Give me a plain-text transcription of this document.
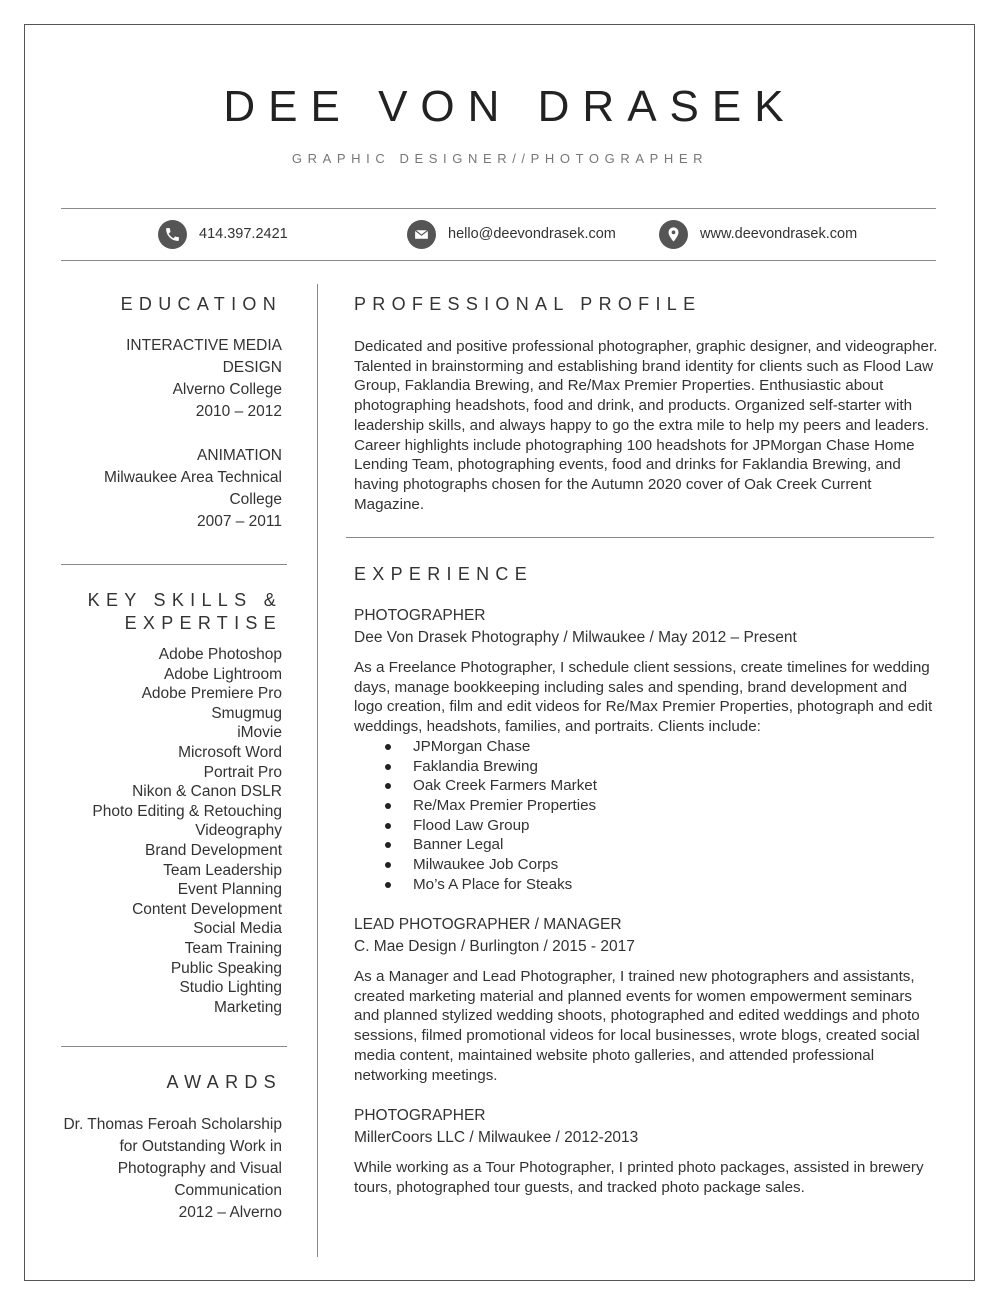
DEE VON DRASEK
GRAPHIC DESIGNER//PHOTOGRAPHER
414.397.2421	hello@deevondrasek.com	www.deevondrasek.com
EDUCATION
INTERACTIVE MEDIA
DESIGN
Alverno College
2010 – 2012
ANIMATION
Milwaukee Area Technical
College
2007 – 2011
KEY SKILLS &
EXPERTISE
Adobe Photoshop
Adobe Lightroom
Adobe Premiere Pro
Smugmug
iMovie
Microsoft Word
Portrait Pro
Nikon & Canon DSLR
Photo Editing & Retouching
Videography
Brand Development
Team Leadership
Event Planning
Content Development
Social Media
Team Training
Public Speaking
Studio Lighting
Marketing
AWARDS
Dr. Thomas Feroah Scholarship
for Outstanding Work in
Photography and Visual
Communication
2012 – Alverno
PROFESSIONAL PROFILE
Dedicated and positive professional photographer, graphic designer, and videographer. Talented in brainstorming and establishing brand identity for clients such as Flood Law Group, Faklandia Brewing, and Re/Max Premier Properties. Enthusiastic about photographing headshots, food and drink, and products. Organized self-starter with leadership skills, and always happy to go the extra mile to help my peers and leaders. Career highlights include photographing 100 headshots for JPMorgan Chase Home Lending Team, photographing events, food and drinks for Faklandia Brewing, and having photographs chosen for the Autumn 2020 cover of Oak Creek Current Magazine.
EXPERIENCE
PHOTOGRAPHER
Dee Von Drasek Photography / Milwaukee / May 2012 – Present
As a Freelance Photographer, I schedule client sessions, create timelines for wedding days, manage bookkeeping including sales and spending, brand development and logo creation, film and edit videos for Re/Max Premier Properties, photograph and edit weddings, headshots, families, and portraits. Clients include:
JPMorgan Chase
Faklandia Brewing
Oak Creek Farmers Market
Re/Max Premier Properties
Flood Law Group
Banner Legal
Milwaukee Job Corps
Mo’s A Place for Steaks
LEAD PHOTOGRAPHER / MANAGER
C. Mae Design / Burlington / 2015 - 2017
As a Manager and Lead Photographer, I trained new photographers and assistants, created marketing material and planned events for women empowerment seminars and planned stylized wedding shoots, photographed and edited weddings and photo sessions, filmed promotional videos for local businesses, wrote blogs, created social media content, maintained website photo galleries, and attended professional networking meetings.
PHOTOGRAPHER
MillerCoors LLC / Milwaukee / 2012-2013
While working as a Tour Photographer, I printed photo packages, assisted in brewery tours, photographed tour guests, and tracked photo package sales.
